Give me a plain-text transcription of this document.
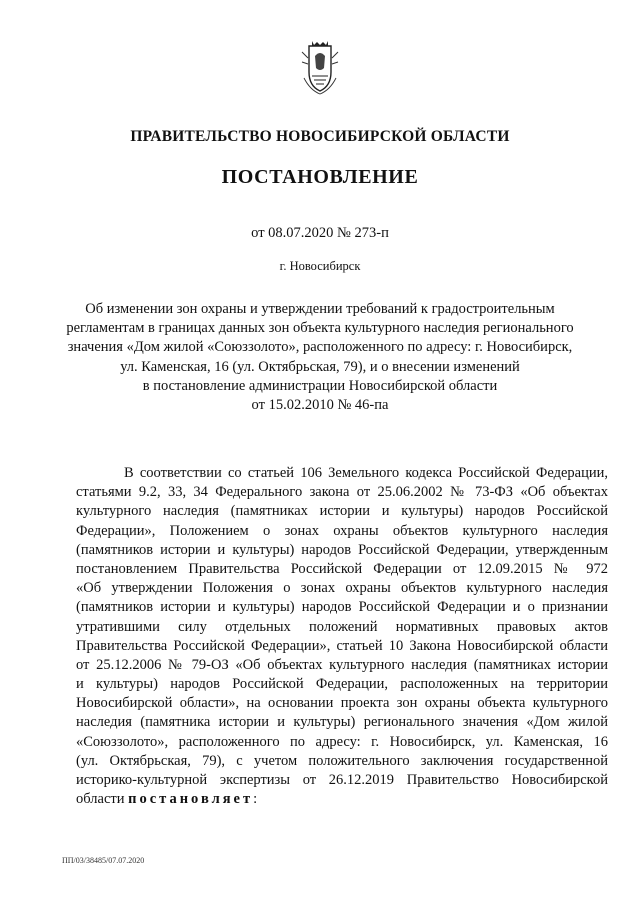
ПРАВИТЕЛЬСТВО НОВОСИБИРСКОЙ ОБЛАСТИ
ПОСТАНОВЛЕНИЕ
от 08.07.2020 № 273-п
г. Новосибирск
Об изменении зон охраны и утверждении требований к градостроительным
регламентам в границах данных зон объекта культурного наследия регионального
значения «Дом жилой «Союззолото», расположенного по адресу: г. Новосибирск,
ул. Каменская, 16 (ул. Октябрьская, 79), и о внесении изменений
в постановление администрации Новосибирской области
от 15.02.2010 № 46-па
В соответствии со статьей 106 Земельного кодекса Российской Федерации,
статьями 9.2, 33, 34 Федерального закона от 25.06.2002 № 73-ФЗ «Об объектах
культурного наследия (памятниках истории и культуры) народов Российской
Федерации», Положением о зонах охраны объектов культурного наследия
(памятников истории и культуры) народов Российской Федерации, утвержденным
постановлением Правительства Российской Федерации от 12.09.2015 № 972
«Об утверждении Положения о зонах охраны объектов культурного наследия
(памятников истории и культуры) народов Российской Федерации и о признании
утратившими силу отдельных положений нормативных правовых актов
Правительства Российской Федерации», статьей 10 Закона Новосибирской области
от 25.12.2006 № 79-ОЗ «Об объектах культурного наследия (памятниках истории
и культуры) народов Российской Федерации, расположенных на территории
Новосибирской области», на основании проекта зон охраны объекта культурного
наследия (памятника истории и культуры) регионального значения «Дом жилой
«Союззолото», расположенного по адресу: г. Новосибирск, ул. Каменская, 16
(ул. Октябрьская, 79), с учетом положительного заключения государственной
историко-культурной экспертизы от 26.12.2019 Правительство Новосибирской
области постановляет:
ПП/03/38485/07.07.2020
